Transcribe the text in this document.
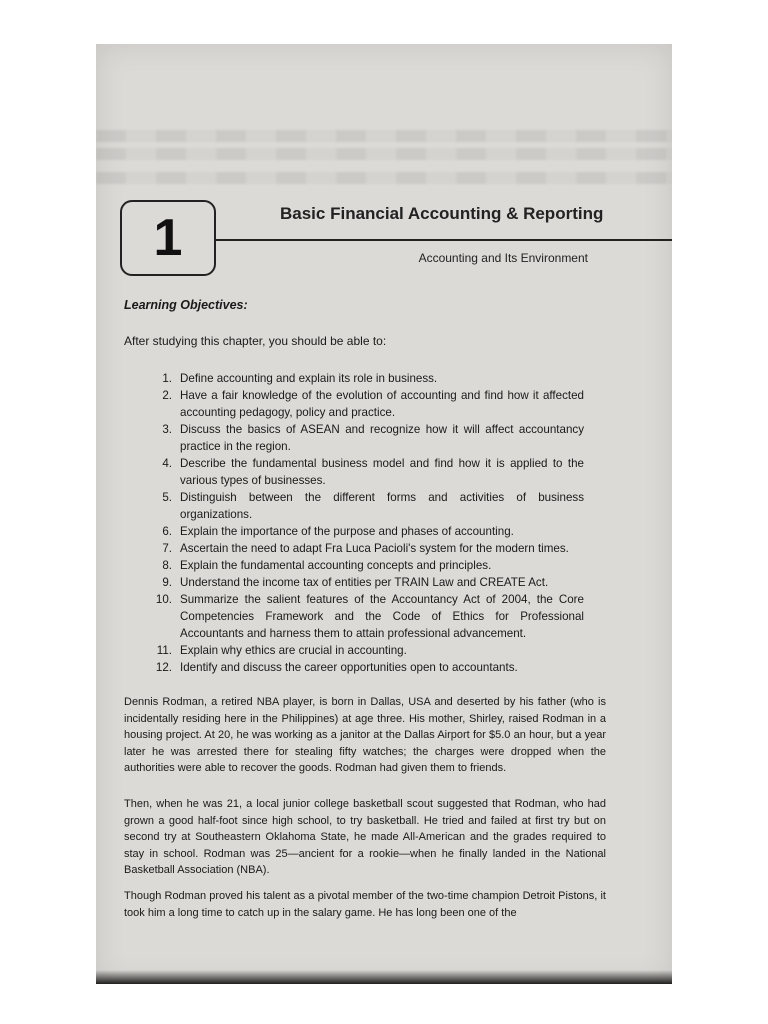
1	Basic Financial Accounting & Reporting
Accounting and Its Environment
Learning Objectives:
After studying this chapter, you should be able to:
1. Define accounting and explain its role in business.
2. Have a fair knowledge of the evolution of accounting and find how it affected accounting pedagogy, policy and practice.
3. Discuss the basics of ASEAN and recognize how it will affect accountancy practice in the region.
4. Describe the fundamental business model and find how it is applied to the various types of businesses.
5. Distinguish between the different forms and activities of business organizations.
6. Explain the importance of the purpose and phases of accounting.
7. Ascertain the need to adapt Fra Luca Pacioli's system for the modern times.
8. Explain the fundamental accounting concepts and principles.
9. Understand the income tax of entities per TRAIN Law and CREATE Act.
10. Summarize the salient features of the Accountancy Act of 2004, the Core Competencies Framework and the Code of Ethics for Professional Accountants and harness them to attain professional advancement.
11. Explain why ethics are crucial in accounting.
12. Identify and discuss the career opportunities open to accountants.

Dennis Rodman, a retired NBA player, is born in Dallas, USA and deserted by his father (who is incidentally residing here in the Philippines) at age three. His mother, Shirley, raised Rodman in a housing project. At 20, he was working as a janitor at the Dallas Airport for $5.0 an hour, but a year later he was arrested there for stealing fifty watches; the charges were dropped when the authorities were able to recover the goods. Rodman had given them to friends.

Then, when he was 21, a local junior college basketball scout suggested that Rodman, who had grown a good half-foot since high school, to try basketball. He tried and failed at first try but on second try at Southeastern Oklahoma State, he made All-American and the grades required to stay in school. Rodman was 25—ancient for a rookie—when he finally landed in the National Basketball Association (NBA).

Though Rodman proved his talent as a pivotal member of the two-time champion Detroit Pistons, it took him a long time to catch up in the salary game. He has long been one of the
